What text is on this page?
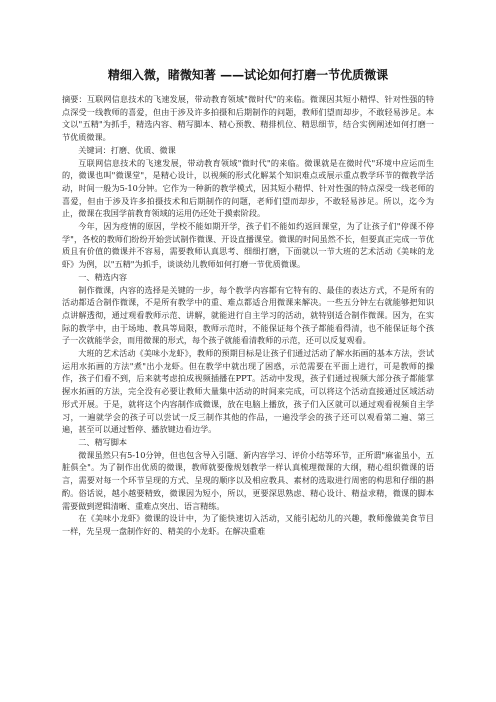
精细入微，睹微知著 ——试论如何打磨一节优质微课

摘要：互联网信息技术的飞速发展，带动教育领域"微时代"的来临。微课因其短小精悍、针对性强的特点深受一线教师的喜爱，但由于涉及许多拍摄和后期制作的问题，教师们望而却步，不敢轻易涉足。本文以"五精"为抓手，精选内容、精写脚本、精心预教、精排机位、精思细节，结合实例阐述如何打磨一节优质微课。

关键词：打磨、优质、微课

互联网信息技术的飞速发展，带动教育领域"微时代"的来临。微课就是在微时代"环境中应运而生的，微课也叫"微课堂"，是精心设计，以视频的形式化解某个知识难点或展示重点教学环节的微教学活动，时间一般为5-10分钟。它作为一种新的教学模式，因其短小精悍、针对性强的特点深受一线老师的喜爱，但由于涉及许多拍摄技术和后期制作的问题，老师们望而却步，不敢轻易涉足。所以，迄今为止，微课在我国学前教育领域的运用仍还处于摸索阶段。

今年，因为疫情的原因，学校不能如期开学，孩子们不能如约返回课堂，为了让孩子们"停课不停学"，各校的教师们纷纷开始尝试制作微课、开设直播课堂。微课的时间虽然不长，但要真正完成一节优质且有价值的微课并不容易，需要教师认真思考、细细打磨，下面就以一节大班的艺术活动《美味的龙虾》为例，以"五精"为抓手，谈谈幼儿教师如何打磨一节优质微课。

一、精选内容

制作微课，内容的选择是关键的一步，每个教学内容都有它特有的、最佳的表达方式，不是所有的活动都适合制作微课，不是所有教学中的重、难点都适合用微课来解决。一些五分钟左右就能够把知识点讲解透彻，通过观看教师示范、讲解，就能进行自主学习的活动，就特别适合制作微课。因为，在实际的教学中，由于场地、教具等局限，教师示范时，不能保证每个孩子都能看得清，也不能保证每个孩子一次就能学会，而用微课的形式，每个孩子就能看清教师的示范，还可以反复观看。

大班的艺术活动《美味小龙虾》，教师的预期目标是让孩子们通过活动了解水拓画的基本方法，尝试运用水拓画的方法"煮"出小龙虾。但在教学中就出现了困惑，示范需要在平面上进行，可是教师的操作，孩子们看不到，后来就考虑拍成视频插播在PPT。活动中发现，孩子们通过视频大部分孩子都能掌握水拓画的方法，完全没有必要让教师大量集中活动的时间来完成，可以将这个活动直接通过区域活动形式开展。于是，就将这个内容制作成微课，放在电脑上播放，孩子们入区就可以通过观看视频自主学习，一遍就学会的孩子可以尝试一反三制作其他的作品，一遍没学会的孩子还可以观看第二遍、第三遍，甚至可以通过暂停、播放键边看边学。

二、精写脚本

微课虽然只有5-10分钟，但也包含导入引题、新内容学习、评价小结等环节，正所谓"麻雀虽小，五脏俱全"。为了制作出优质的微课，教师就要像规划教学一样认真梳理微课的大纲，精心组织微课的语言，需要对每一个环节呈现的方式、呈现的顺序以及相应教具、素材的选取进行周密的构思和仔细的斟酌。俗话说，越小越要精致，微课因为短小，所以，更要深思熟虑、精心设计、精益求精，微课的脚本需要做到逻辑清晰、重难点突出、语言精练。

在《美味小龙虾》微课的设计中，为了能快速切入活动，又能引起幼儿的兴趣，教师像做美食节目一样，先呈现一盘制作好的、精美的小龙虾。在解决重难
